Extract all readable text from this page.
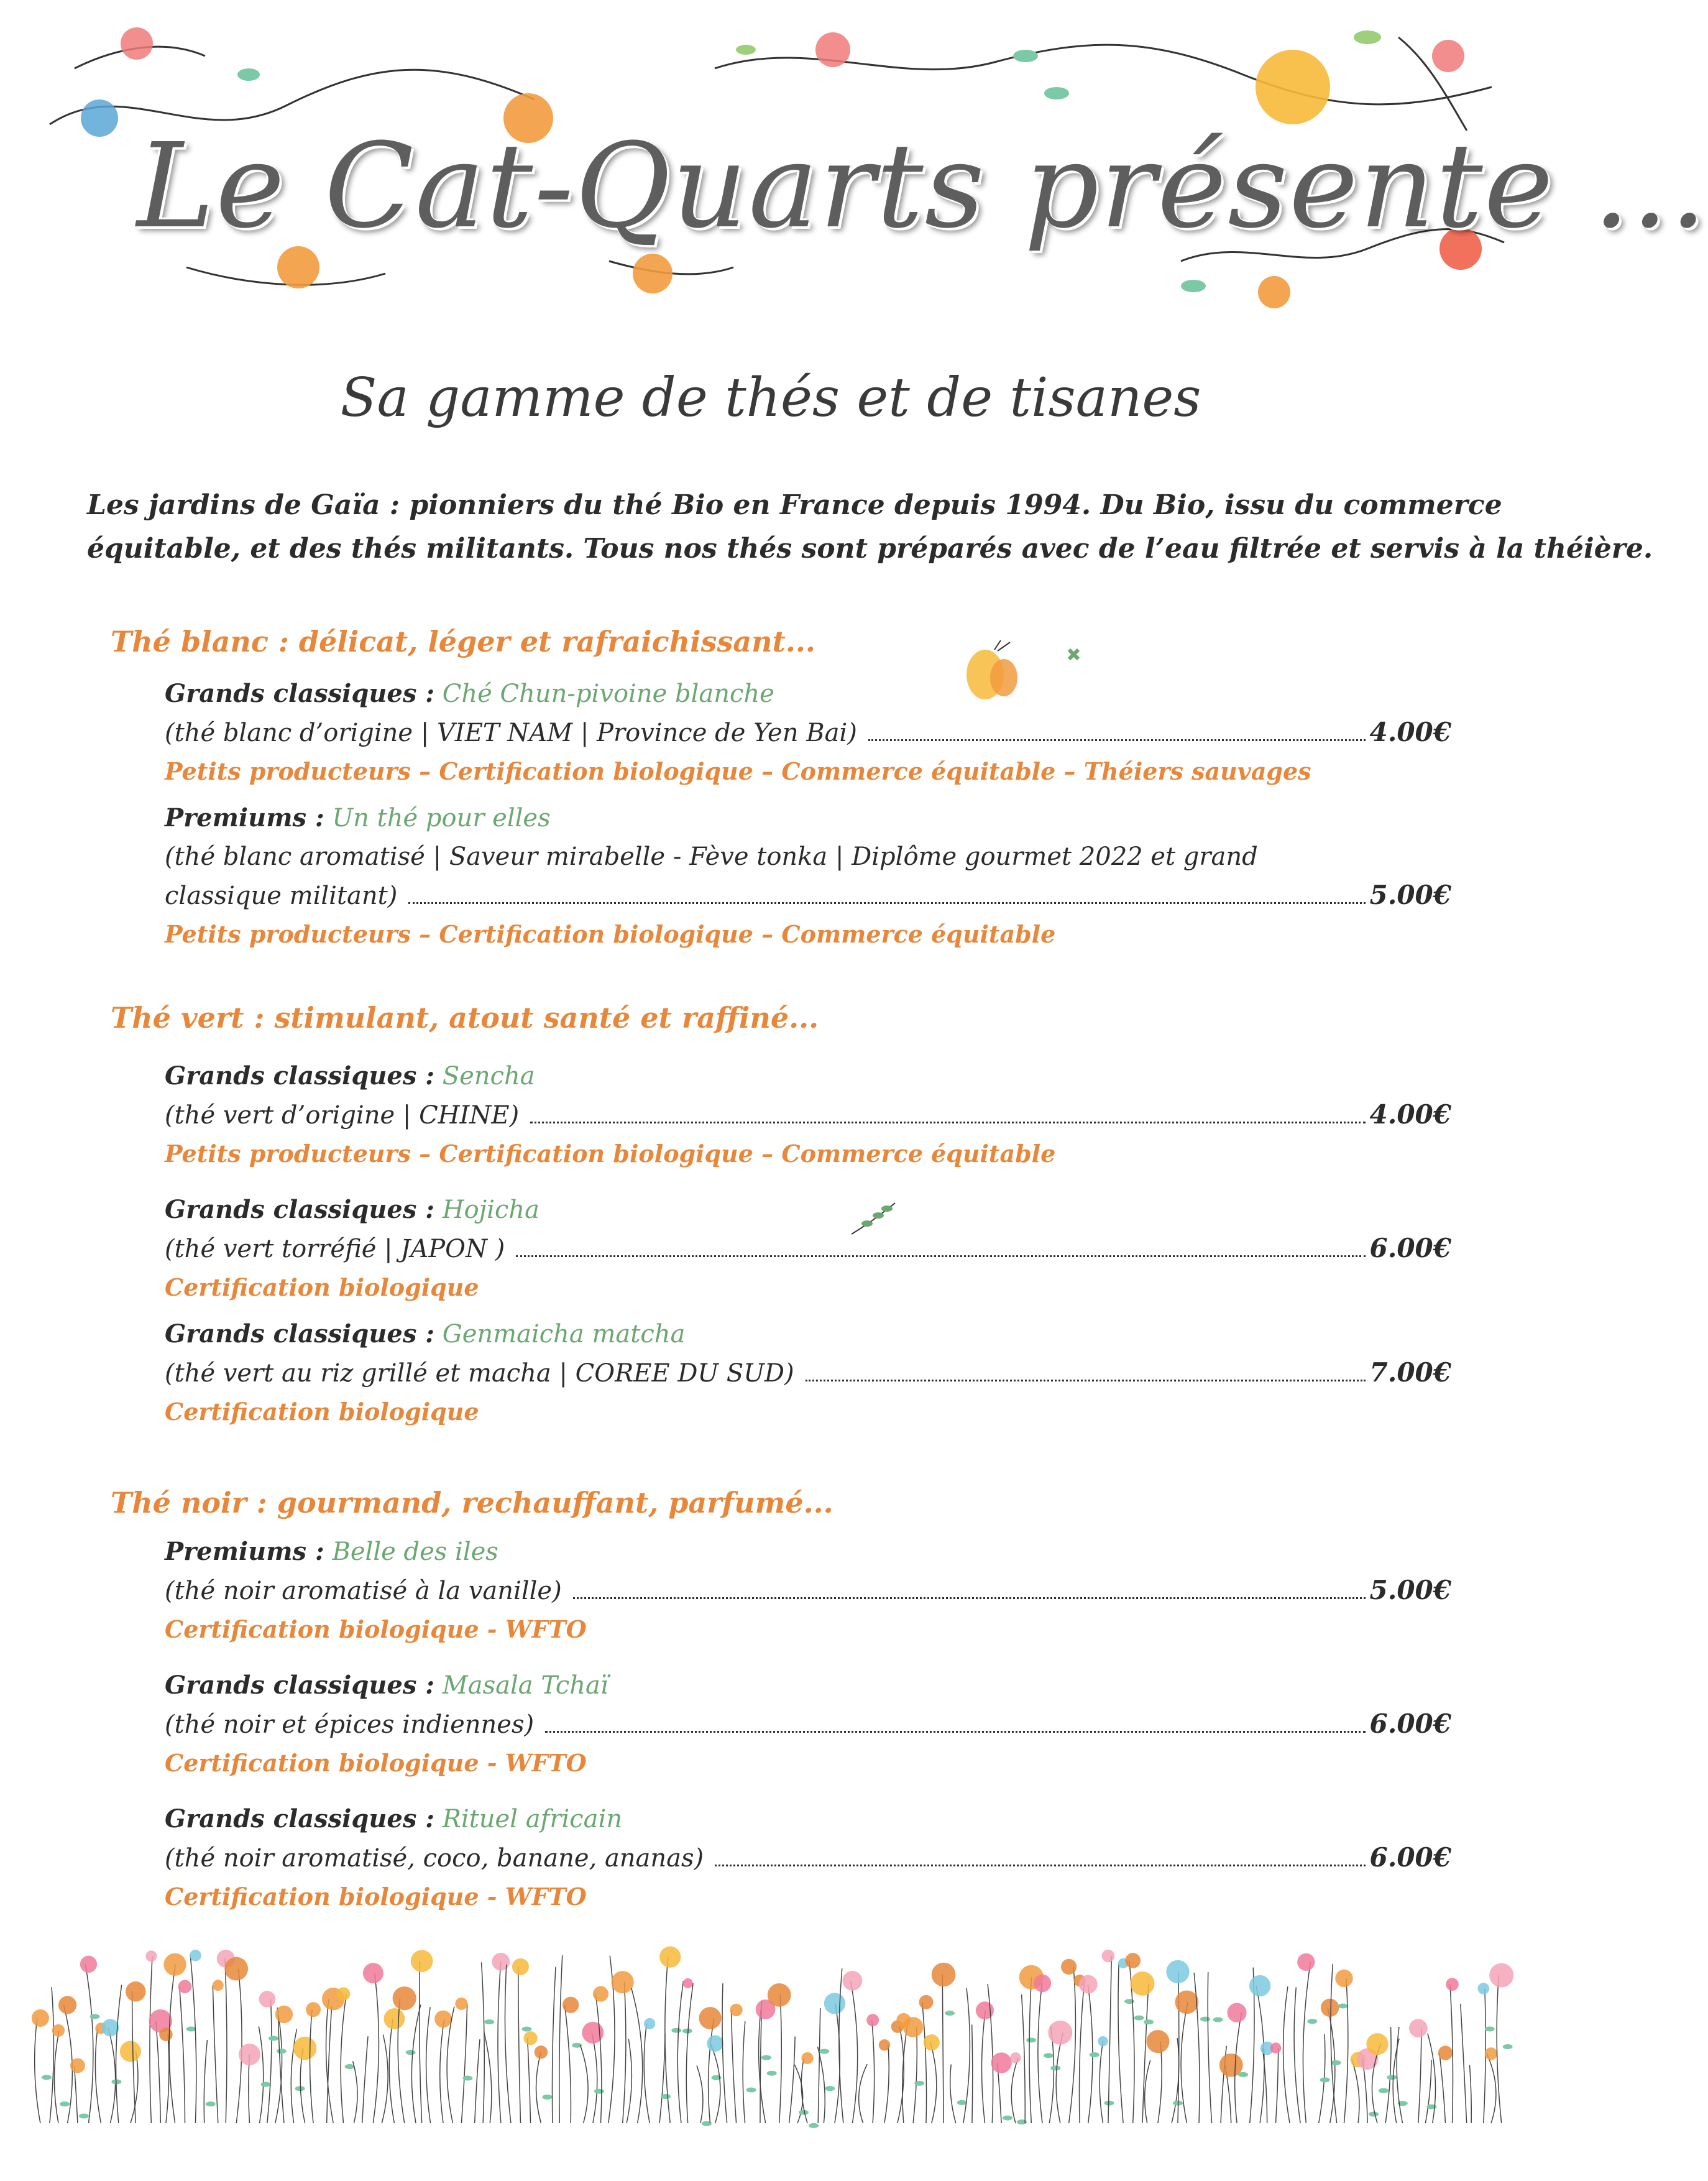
Le Cat-Quarts présente ...
Sa gamme de thés et de tisanes

Les jardins de Gaïa : pionniers du thé Bio en France depuis 1994. Du Bio, issu du commerce

équitable, et des thés militants. Tous nos thés sont préparés avec de l’eau filtrée et servis à la théière.

Thé blanc : délicat, léger et rafraichissant...
Grands classiques : Ché Chun-pivoine blanche
(thé blanc d’origine | VIET NAM | Province de Yen Bai)	4.00€
Petits producteurs – Certification biologique – Commerce équitable – Théiers sauvages
Premiums : Un thé pour elles
(thé blanc aromatisé | Saveur mirabelle - Fève tonka | Diplôme gourmet 2022 et grand
classique militant)	5.00€
Petits producteurs – Certification biologique – Commerce équitable
Thé vert : stimulant, atout santé et raffiné...
Grands classiques : Sencha
(thé vert d’origine | CHINE)	4.00€
Petits producteurs – Certification biologique – Commerce équitable
Grands classiques : Hojicha
(thé vert torréfié | JAPON )	6.00€
Certification biologique
Grands classiques : Genmaicha matcha
(thé vert au riz grillé et macha | COREE DU SUD)	7.00€
Certification biologique
Thé noir : gourmand, rechauffant, parfumé...
Premiums : Belle des iles
(thé noir aromatisé à la vanille)	5.00€
Certification biologique - WFTO
Grands classiques : Masala Tchaï
(thé noir et épices indiennes)	6.00€
Certification biologique - WFTO
Grands classiques : Rituel africain
(thé noir aromatisé, coco, banane, ananas)	6.00€
Certification biologique - WFTO
